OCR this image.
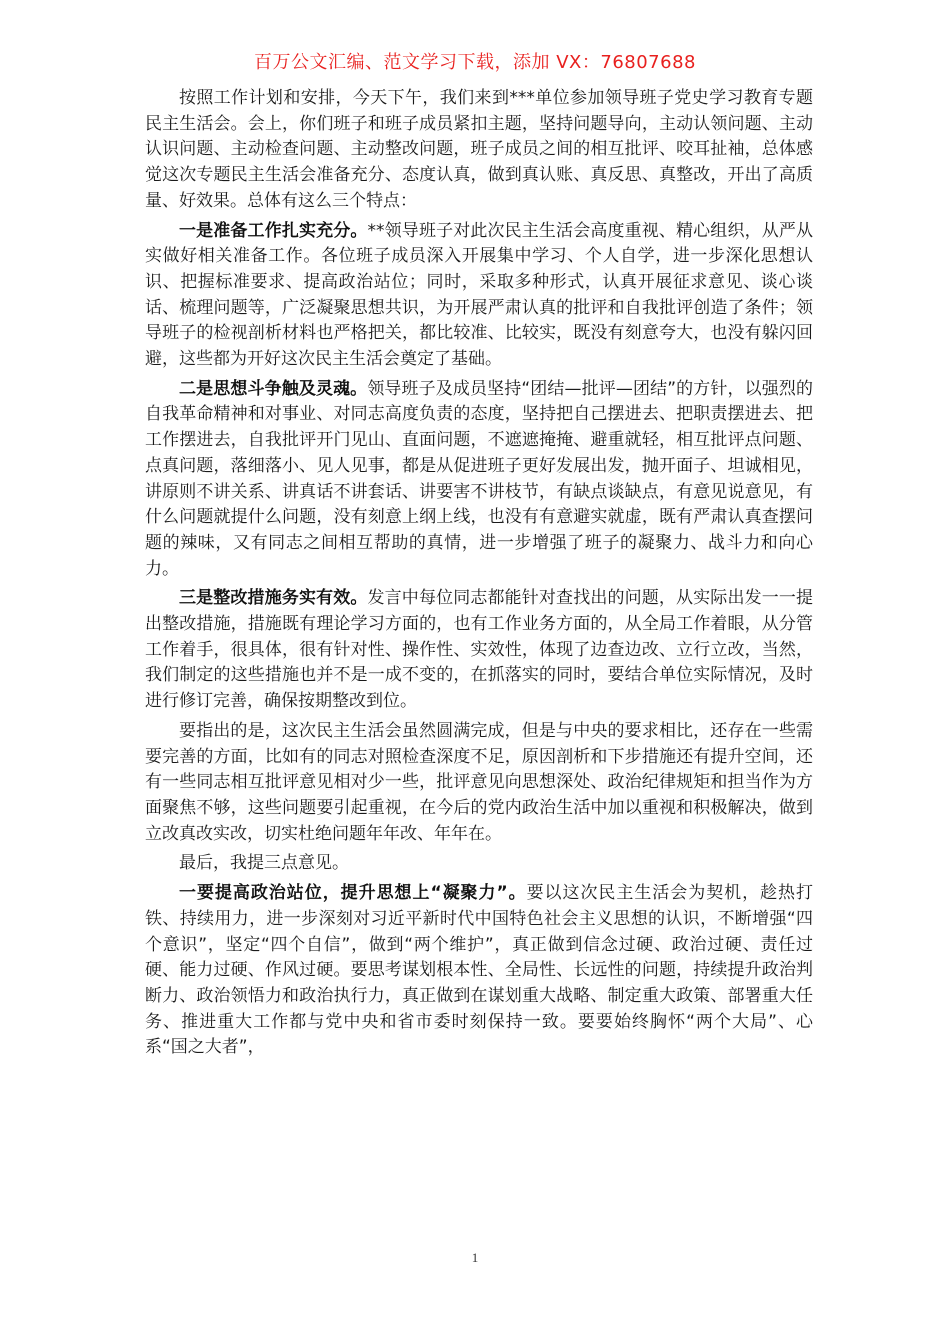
百万公文汇编、范文学习下载，添加 VX：76807688

按照工作计划和安排，今天下午，我们来到***单位参加领导班子党史学习教育专题民主生活会。会上，你们班子和班子成员紧扣主题，坚持问题导向，主动认领问题、主动认识问题、主动检查问题、主动整改问题，班子成员之间的相互批评、咬耳扯袖，总体感觉这次专题民主生活会准备充分、态度认真，做到真认账、真反思、真整改，开出了高质量、好效果。总体有这么三个特点：

一是准备工作扎实充分。**领导班子对此次民主生活会高度重视、精心组织，从严从实做好相关准备工作。各位班子成员深入开展集中学习、个人自学，进一步深化思想认识、把握标准要求、提高政治站位；同时，采取多种形式，认真开展征求意见、谈心谈话、梳理问题等，广泛凝聚思想共识，为开展严肃认真的批评和自我批评创造了条件；领导班子的检视剖析材料也严格把关，都比较准、比较实，既没有刻意夸大，也没有躲闪回避，这些都为开好这次民主生活会奠定了基础。

二是思想斗争触及灵魂。领导班子及成员坚持“团结—批评—团结”的方针，以强烈的自我革命精神和对事业、对同志高度负责的态度，坚持把自己摆进去、把职责摆进去、把工作摆进去，自我批评开门见山、直面问题，不遮遮掩掩、避重就轻，相互批评点问题、点真问题，落细落小、见人见事，都是从促进班子更好发展出发，抛开面子、坦诚相见，讲原则不讲关系、讲真话不讲套话、讲要害不讲枝节，有缺点谈缺点，有意见说意见，有什么问题就提什么问题，没有刻意上纲上线，也没有有意避实就虚，既有严肃认真查摆问题的辣味，又有同志之间相互帮助的真情，进一步增强了班子的凝聚力、战斗力和向心力。

三是整改措施务实有效。发言中每位同志都能针对查找出的问题，从实际出发一一提出整改措施，措施既有理论学习方面的，也有工作业务方面的，从全局工作着眼，从分管工作着手，很具体，很有针对性、操作性、实效性，体现了边查边改、立行立改，当然，我们制定的这些措施也并不是一成不变的，在抓落实的同时，要结合单位实际情况，及时进行修订完善，确保按期整改到位。

要指出的是，这次民主生活会虽然圆满完成，但是与中央的要求相比，还存在一些需要完善的方面，比如有的同志对照检查深度不足，原因剖析和下步措施还有提升空间，还有一些同志相互批评意见相对少一些，批评意见向思想深处、政治纪律规矩和担当作为方面聚焦不够，这些问题要引起重视，在今后的党内政治生活中加以重视和积极解决，做到立改真改实改，切实杜绝问题年年改、年年在。

最后，我提三点意见。

一要提高政治站位，提升思想上“凝聚力”。要以这次民主生活会为契机，趁热打铁、持续用力，进一步深刻对习近平新时代中国特色社会主义思想的认识，不断增强“四个意识”，坚定“四个自信”，做到“两个维护”，真正做到信念过硬、政治过硬、责任过硬、能力过硬、作风过硬。要思考谋划根本性、全局性、长远性的问题，持续提升政治判断力、政治领悟力和政治执行力，真正做到在谋划重大战略、制定重大政策、部署重大任务、推进重大工作都与党中央和省市委时刻保持一致。要要始终胸怀“两个大局”、心系“国之大者”，

1
